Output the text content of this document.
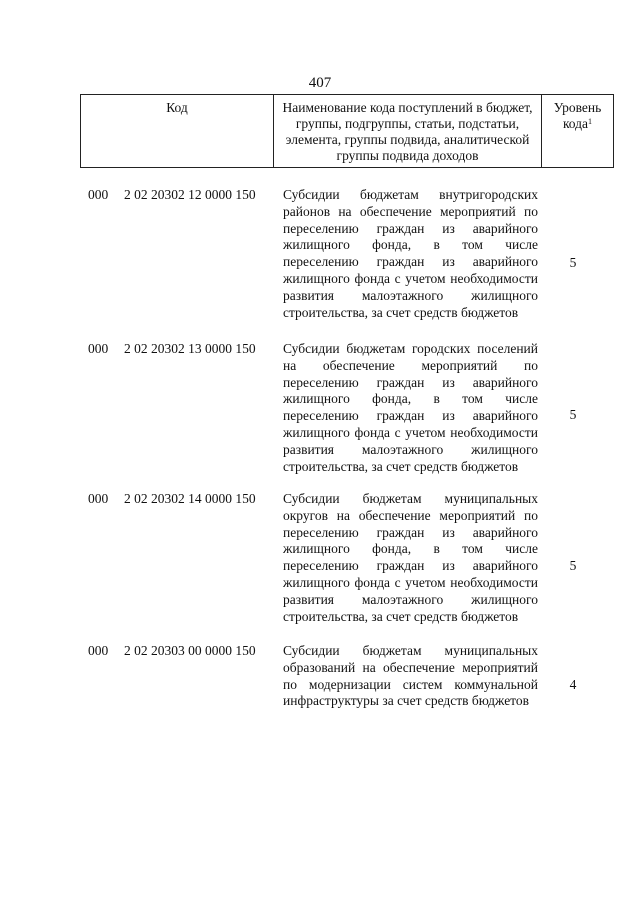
407
Код	Наименование кода поступлений в бюджет, группы, подгруппы, статьи, подстатьи, элемента, группы подвида, аналитической группы подвида доходов
Уровень кода$^1$
000 2 02 20302 12 0000 150 Субсидии бюджетам внутригородских районов на обеспечение мероприятий по переселению граждан из аварийного жилищного фонда, в том числе переселению граждан из аварийного жилищного фонда с учетом необходимости развития малоэтажного жилищного строительства, за счет средств бюджетов
5
000 2 02 20302 13 0000 150 Субсидии бюджетам городских поселений на обеспечение мероприятий по переселению граждан из аварийного жилищного фонда, в том числе переселению граждан из аварийного жилищного фонда с учетом необходимости развития малоэтажного жилищного строительства, за счет средств бюджетов
5
000 2 02 20302 14 0000 150 Субсидии бюджетам муниципальных округов на обеспечение мероприятий по переселению граждан из аварийного жилищного фонда, в том числе переселению граждан из аварийного жилищного фонда с учетом необходимости развития малоэтажного жилищного строительства, за счет средств бюджетов
5
000 2 02 20303 00 0000 150 Субсидии бюджетам муниципальных образований на обеспечение мероприятий по модернизации систем коммунальной инфраструктуры за счет средств бюджетов
4
